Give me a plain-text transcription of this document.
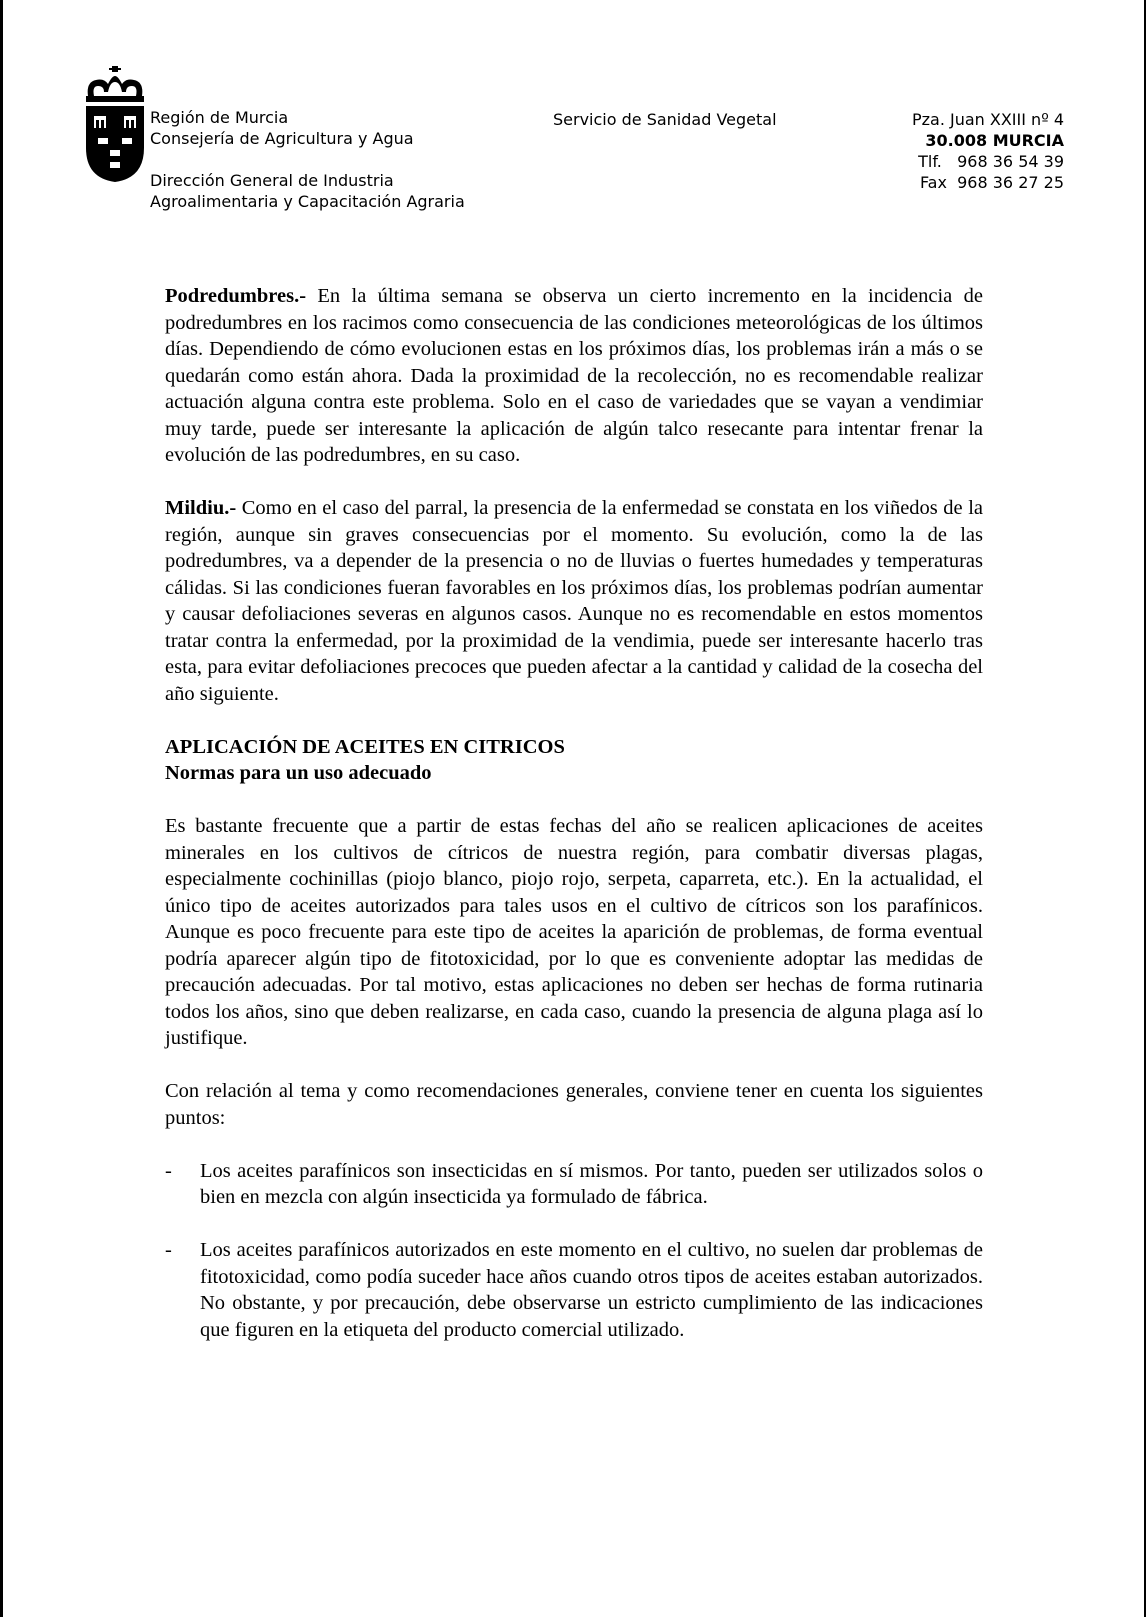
Región de Murcia
Consejería de Agricultura y Agua
Dirección General de Industria
Agroalimentaria y Capacitación Agraria
Servicio de Sanidad Vegetal	Pza. Juan XXIII nº 4
30.008 MURCIA
Tlf.   968 36 54 39
Fax  968 36 27 25

Podredumbres.- En la última semana se observa un cierto incremento en la incidencia de podredumbres en los racimos como consecuencia de las condiciones meteorológicas de los últimos días. Dependiendo de cómo evolucionen estas en los próximos días, los problemas irán a más o se quedarán como están ahora. Dada la proximidad de la recolección, no es recomendable realizar actuación alguna contra este problema. Solo en el caso de variedades que se vayan a vendimiar muy tarde, puede ser interesante la aplicación de algún talco resecante para intentar frenar la evolución de las podredumbres, en su caso.

Mildiu.- Como en el caso del parral, la presencia de la enfermedad se constata en los viñedos de la región, aunque sin graves consecuencias por el momento. Su evolución, como la de las podredumbres, va a depender de la presencia o no de lluvias o fuertes humedades y temperaturas cálidas. Si las condiciones fueran favorables en los próximos días, los problemas podrían aumentar y causar defoliaciones severas en algunos casos. Aunque no es recomendable en estos momentos tratar contra la enfermedad, por la proximidad de la vendimia, puede ser interesante hacerlo tras esta, para evitar defoliaciones precoces que pueden afectar a la cantidad y calidad de la cosecha del año siguiente.

APLICACIÓN DE ACEITES EN CITRICOS
Normas para un uso adecuado

Es bastante frecuente que a partir de estas fechas del año se realicen aplicaciones de aceites minerales en los cultivos de cítricos de nuestra región, para combatir diversas plagas, especialmente cochinillas (piojo blanco, piojo rojo, serpeta, caparreta, etc.). En la actualidad, el único tipo de aceites autorizados para tales usos en el cultivo de cítricos son los parafínicos. Aunque es poco frecuente para este tipo de aceites la aparición de problemas, de forma eventual podría aparecer algún tipo de fitotoxicidad, por lo que es conveniente adoptar las medidas de precaución adecuadas. Por tal motivo, estas aplicaciones no deben ser hechas de forma rutinaria todos los años, sino que deben realizarse, en cada caso, cuando la presencia de alguna plaga así lo justifique.

Con relación al tema y como recomendaciones generales, conviene tener en cuenta los siguientes puntos:

-	Los aceites parafínicos son insecticidas en sí mismos. Por tanto, pueden ser utilizados solos o bien en mezcla con algún insecticida ya formulado de fábrica.
-	Los aceites parafínicos autorizados en este momento en el cultivo, no suelen dar problemas de fitotoxicidad, como podía suceder hace años cuando otros tipos de aceites estaban autorizados. No obstante, y por precaución, debe observarse un estricto cumplimiento de las indicaciones que figuren en la etiqueta del producto comercial utilizado.
